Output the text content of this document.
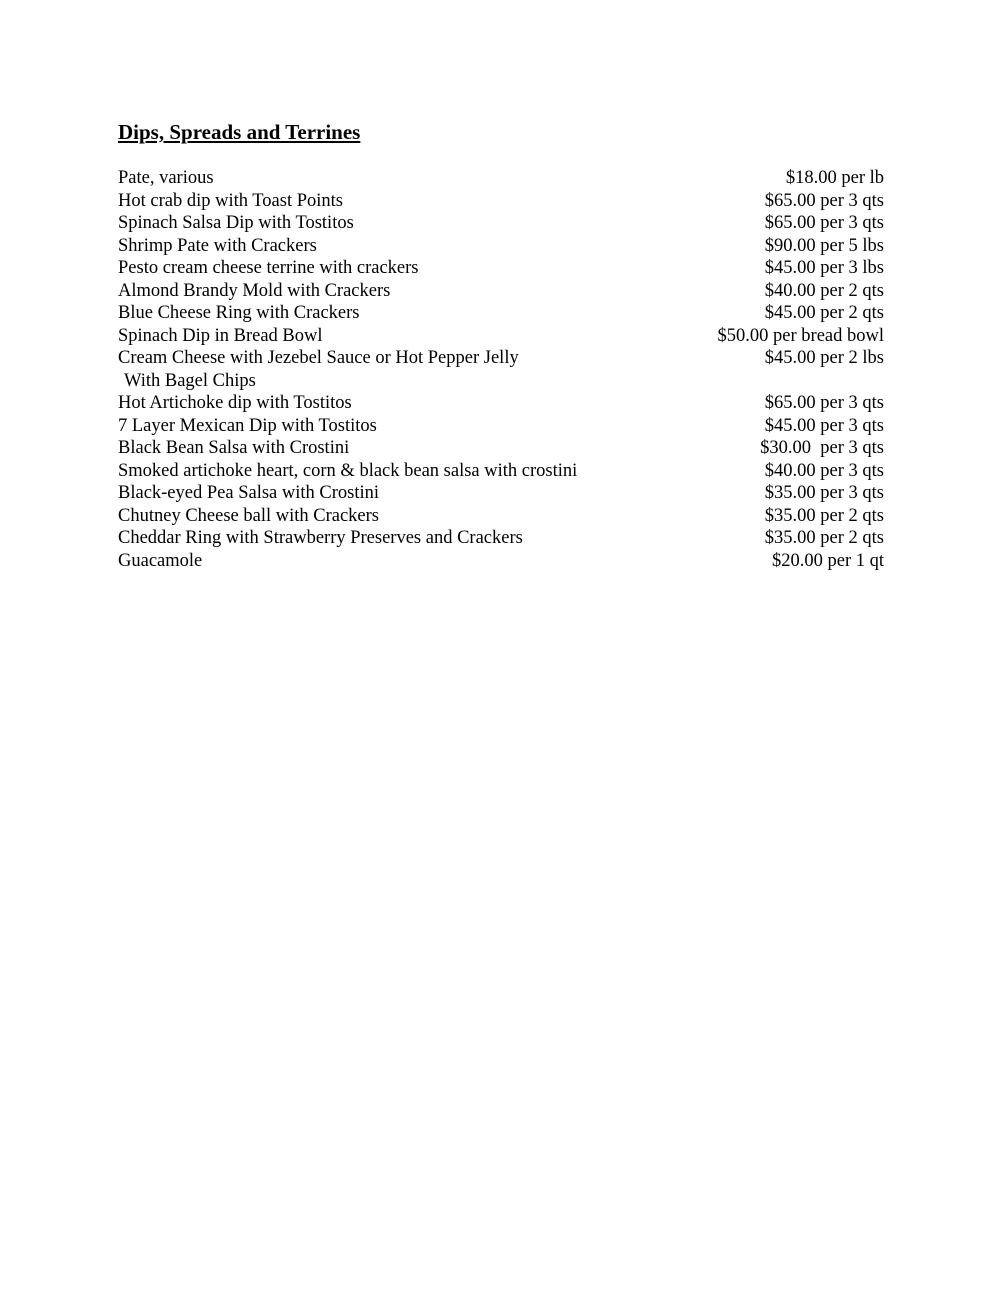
Dips, Spreads and Terrines
Pate, various	$18.00 per lb
Hot crab dip with Toast Points	$65.00 per 3 qts
Spinach Salsa Dip with Tostitos	$65.00 per 3 qts
Shrimp Pate with Crackers	$90.00 per 5 lbs
Pesto cream cheese terrine with crackers	$45.00 per 3 lbs
Almond Brandy Mold with Crackers	$40.00 per 2 qts
Blue Cheese Ring with Crackers	$45.00 per 2 qts
Spinach Dip in Bread Bowl	$50.00 per bread bowl
Cream Cheese with Jezebel Sauce or Hot Pepper Jelly	$45.00 per 2 lbs
With Bagel Chips
Hot Artichoke dip with Tostitos	$65.00 per 3 qts
7 Layer Mexican Dip with Tostitos	$45.00 per 3 qts
Black Bean Salsa with Crostini	$30.00  per 3 qts
Smoked artichoke heart, corn & black bean salsa with crostini	$40.00 per 3 qts
Black-eyed Pea Salsa with Crostini	$35.00 per 3 qts
Chutney Cheese ball with Crackers	$35.00 per 2 qts
Cheddar Ring with Strawberry Preserves and Crackers	$35.00 per 2 qts
Guacamole	$20.00 per 1 qt
